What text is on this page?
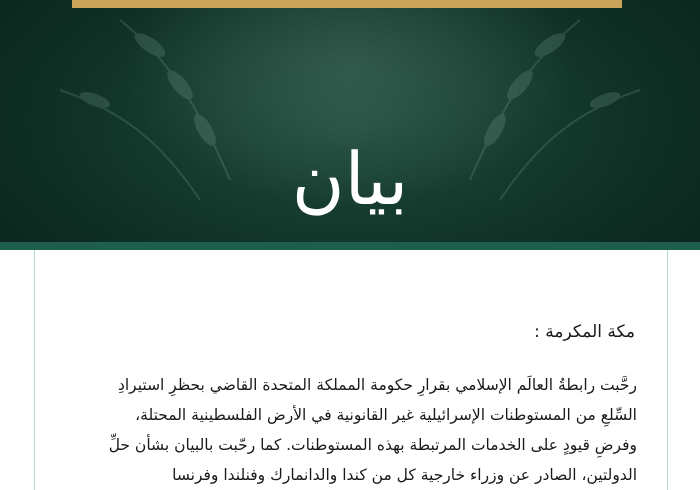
بيان
مكة المكرمة :
رحَّبت رابطةُ العالَم الإسلامي بقرارِ حكومة المملكة المتحدة القاضي بحظرِ استيرادِ
السِّلعِ من المستوطنات الإسرائيلية غير القانونية في الأرض الفلسطينية المحتلة،
وفرضِ قيودٍ على الخدمات المرتبطة بهذه المستوطنات. كما رحّبت بالبيان بشأن حلِّ
الدولتين، الصادر عن وزراء خارجية كل من كندا والدانمارك وفنلندا وفرنسا
